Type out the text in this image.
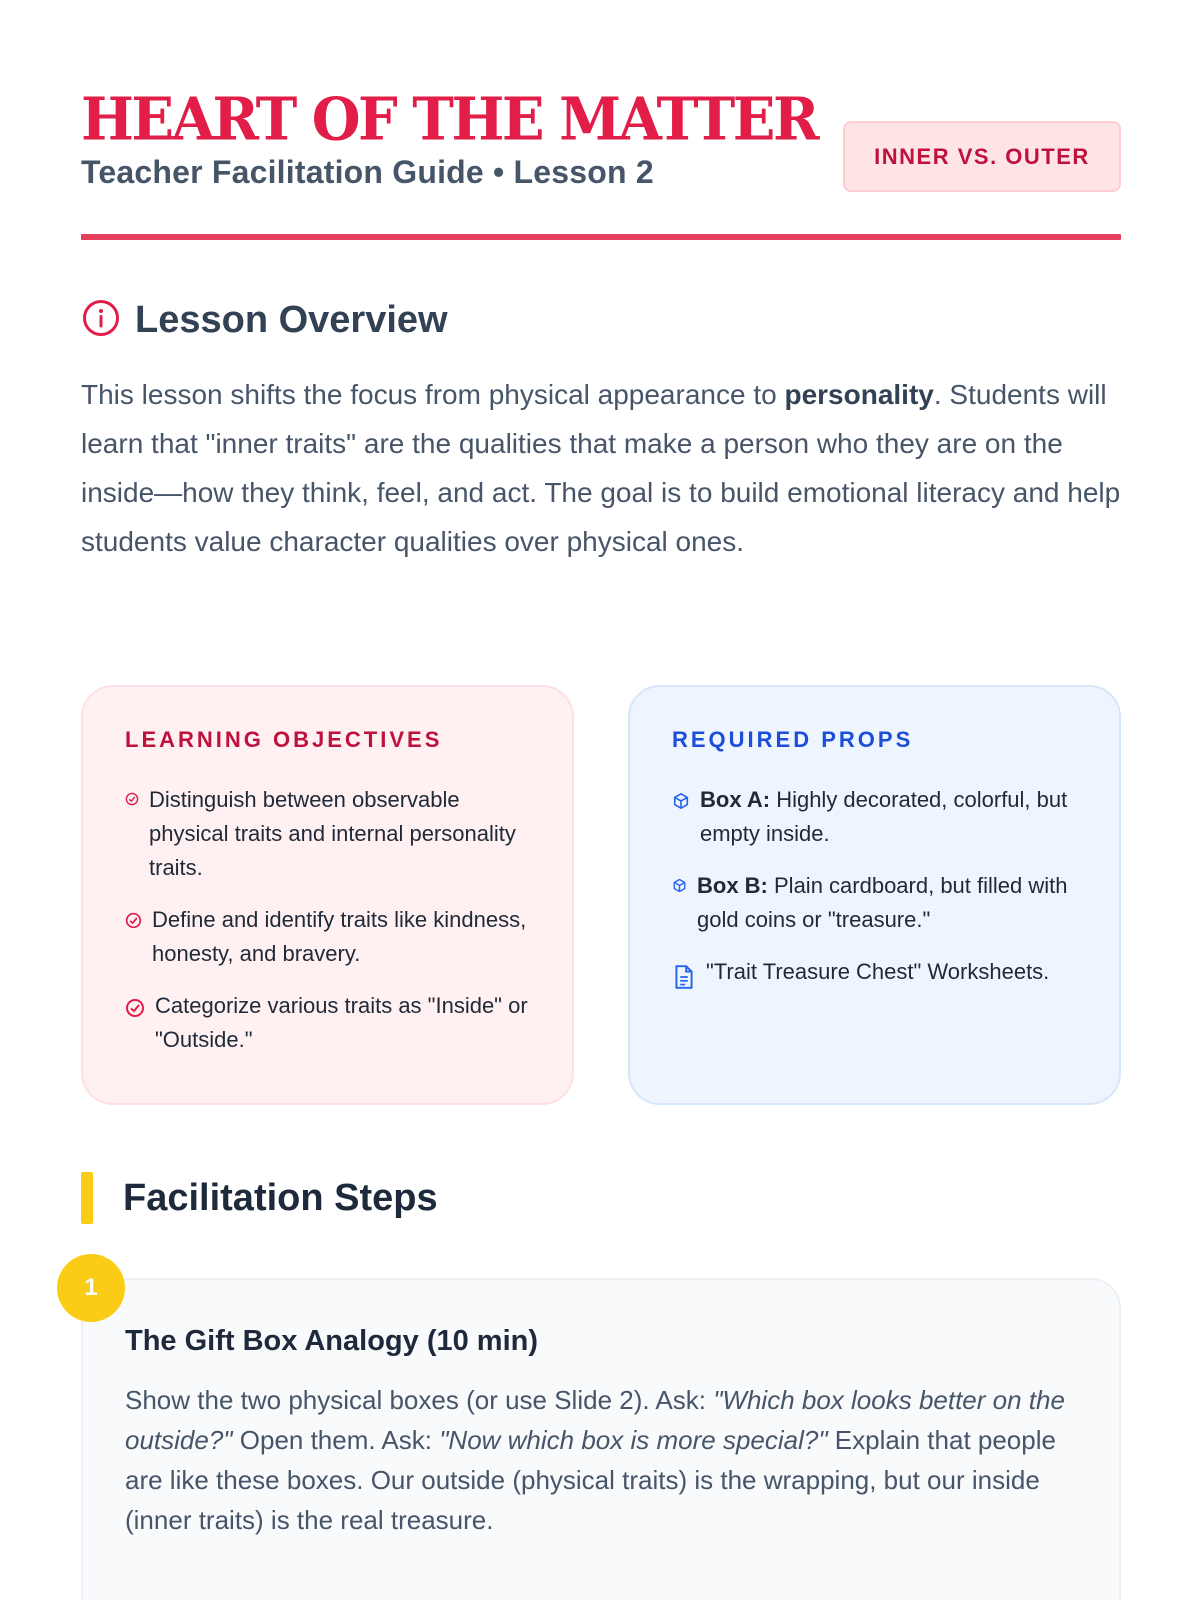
HEART OF THE MATTER
Teacher Facilitation Guide • Lesson 2	INNER VS. OUTER
Lesson Overview

This lesson shifts the focus from physical appearance to personality. Students will learn that "inner traits" are the qualities that make a person who they are on the inside—how they think, feel, and act. The goal is to build emotional literacy and help students value character qualities over physical ones.

LEARNING OBJECTIVES
Distinguish between observable physical traits and internal personality traits.
Define and identify traits like kindness, honesty, and bravery.
Categorize various traits as "Inside" or "Outside."
REQUIRED PROPS
Box A: Highly decorated, colorful, but empty inside.
Box B: Plain cardboard, but filled with gold coins or "treasure."
"Trait Treasure Chest" Worksheets.
Facilitation Steps
The Gift Box Analogy (10 min)

Show the two physical boxes (or use Slide 2). Ask: "Which box looks better on the outside?" Open them. Ask: "Now which box is more special?" Explain that people are like these boxes. Our outside (physical traits) is the wrapping, but our inside (inner traits) is the real treasure.

1
